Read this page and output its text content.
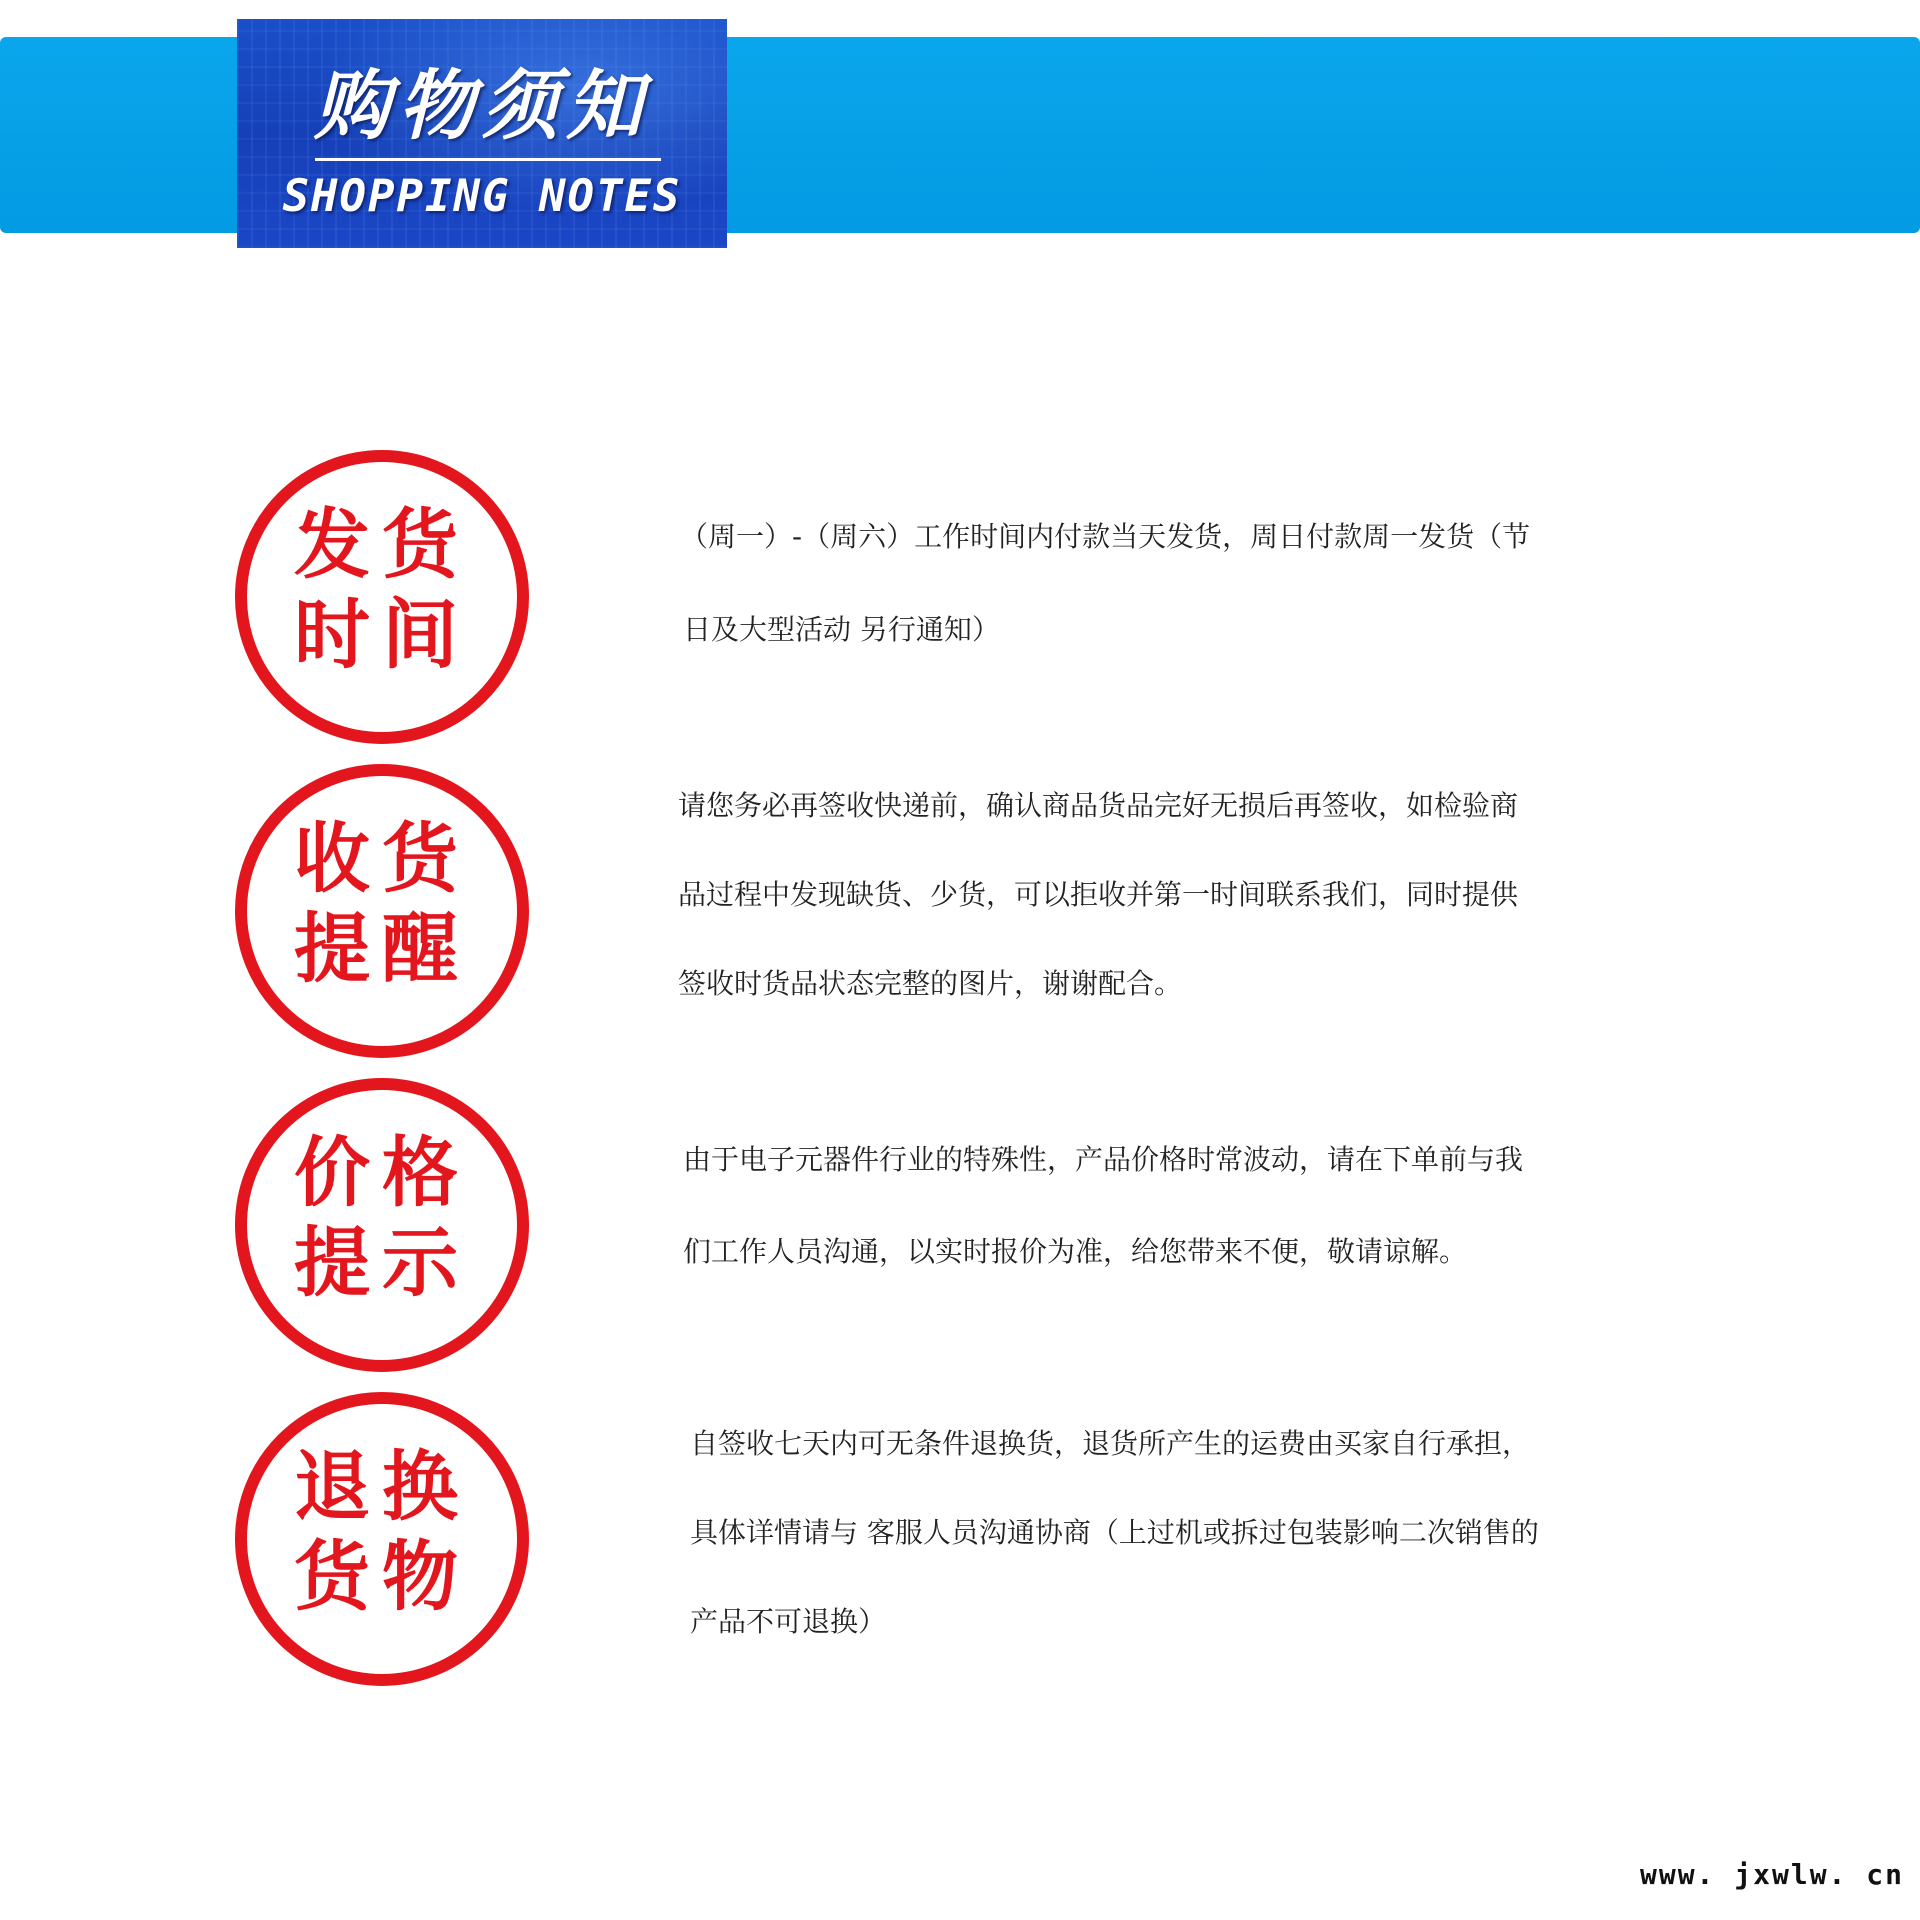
购物须知
SHOPPING NOTES
发货
时间
（周一）-（周六）工作时间内付款当天发货，周日付款周一发货（节
日及大型活动 另行通知）
收货
提醒
请您务必再签收快递前，确认商品货品完好无损后再签收，如检验商
品过程中发现缺货、少货，可以拒收并第一时间联系我们，同时提供
签收时货品状态完整的图片，谢谢配合。
价格
提示
由于电子元器件行业的特殊性，产品价格时常波动，请在下单前与我
们工作人员沟通，以实时报价为准，给您带来不便，敬请谅解。
退换
货物
自签收七天内可无条件退换货，退货所产生的运费由买家自行承担，
具体详情请与 客服人员沟通协商（上过机或拆过包装影响二次销售的
产品不可退换）
www. jxwlw. cn
